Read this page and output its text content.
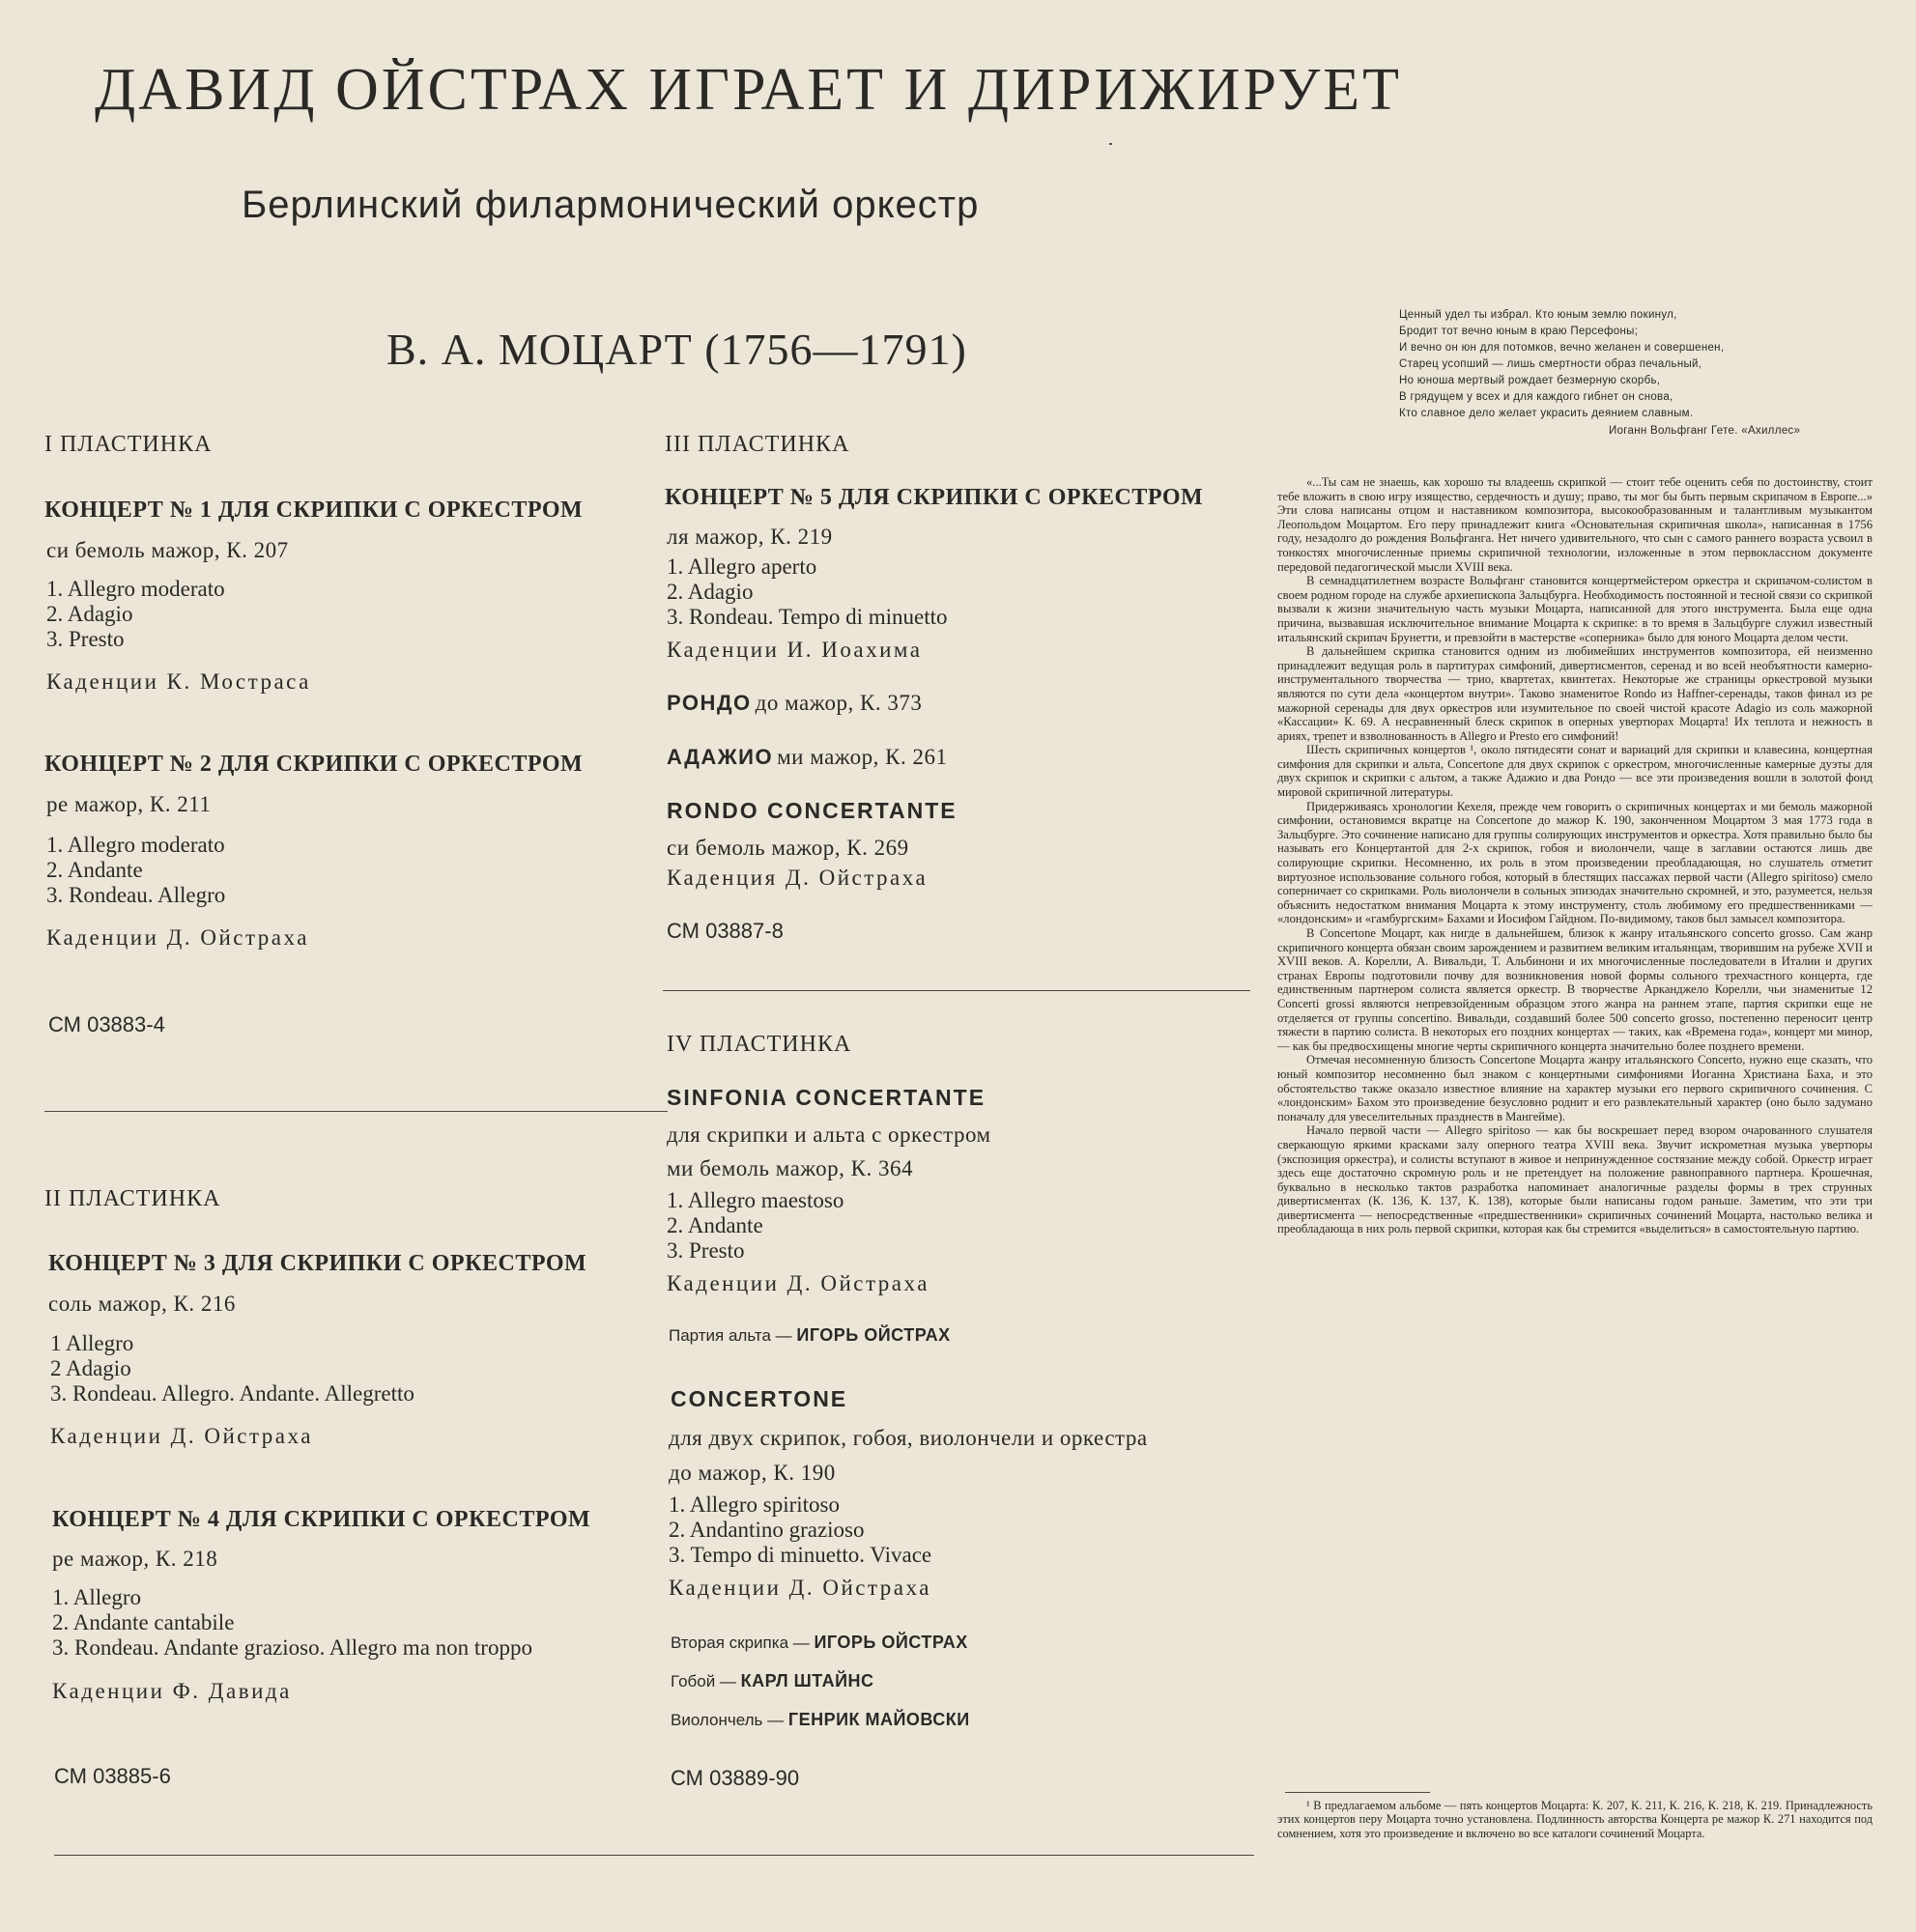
ДАВИД ОЙСТРАХ ИГРАЕТ И ДИРИЖИРУЕТ
Берлинский филармонический оркестр
В. А. МОЦАРТ (1756—1791)
I ПЛАСТИНКА
КОНЦЕРТ № 1 ДЛЯ СКРИПКИ С ОРКЕСТРОМ
си бемоль мажор, К. 207
1. Allegro moderato
2. Adagio
3. Presto
Каденции К. Мостраса
КОНЦЕРТ № 2 ДЛЯ СКРИПКИ С ОРКЕСТРОМ
ре мажор, К. 211
1. Allegro moderato
2. Andante
3. Rondeau. Allegro
Каденции Д. Ойстраха
СМ 03883-4
II ПЛАСТИНКА
КОНЦЕРТ № 3 ДЛЯ СКРИПКИ С ОРКЕСТРОМ
соль мажор, К. 216
1 Allegro
2 Adagio
3. Rondeau. Allegro. Andante. Allegretto
Каденции Д. Ойстраха
КОНЦЕРТ № 4 ДЛЯ СКРИПКИ С ОРКЕСТРОМ
ре мажор, К. 218
1. Allegro
2. Andante cantabile
3. Rondeau. Andante grazioso. Allegro ma non troppo
Каденции Ф. Давида
СМ 03885-6
III ПЛАСТИНКА
КОНЦЕРТ № 5 ДЛЯ СКРИПКИ С ОРКЕСТРОМ
ля мажор, К. 219
1. Allegro aperto
2. Adagio
3. Rondeau. Tempo di minuetto
Каденции И. Иоахима
РОНДО до мажор, К. 373
АДАЖИО ми мажор, К. 261
RONDO CONCERTANTE
си бемоль мажор, К. 269
Каденция Д. Ойстраха
СМ 03887-8
IV ПЛАСТИНКА
SINFONIA CONCERTANTE
для скрипки и альта с оркестром
ми бемоль мажор, К. 364
1. Allegro maestoso
2. Andante
3. Presto
Каденции Д. Ойстраха
Партия альта — ИГОРЬ ОЙСТРАХ
CONCERTONE
для двух скрипок, гобоя, виолончели и оркестра
до мажор, К. 190
1. Allegro spiritoso
2. Andantino grazioso
3. Tempo di minuetto. Vivace
Каденции Д. Ойстраха
Вторая скрипка — ИГОРЬ ОЙСТРАХ
Гобой — КАРЛ ШТАЙНС
Виолончель — ГЕНРИК МАЙОВСКИ
СМ 03889-90

Ценный удел ты избрал. Кто юным землю покинул,

Бродит тот вечно юным в краю Персефоны;

И вечно он юн для потомков, вечно желанен и совершенен,

Старец усопший — лишь смертности образ печальный,

Но юноша мертвый рождает безмерную скорбь,

В грядущем у всех и для каждого гибнет он снова,

Кто славное дело желает украсить деянием славным.

Иоганн Вольфганг Гете. «Ахиллес»

«...Ты сам не знаешь, как хорошо ты владеешь скрипкой — стоит тебе оценить себя по достоинству, стоит тебе вложить в свою игру изящество, сердечность и душу; право, ты мог бы быть первым скрипачом в Европе...» Эти слова написаны отцом и наставником композитора, высокообразованным и талантливым музыкантом Леопольдом Моцартом. Его перу принадлежит книга «Основательная скрипичная школа», написанная в 1756 году, незадолго до рождения Вольфганга. Нет ничего удивительного, что сын с самого раннего возраста усвоил в тонкостях многочисленные приемы скрипичной технологии, изложенные в этом первоклассном документе передовой педагогической мысли XVIII века.

В семнадцатилетнем возрасте Вольфганг становится концертмейстером оркестра и скрипачом-солистом в своем родном городе на службе архиепископа Зальцбурга. Необходимость постоянной и тесной связи со скрипкой вызвали к жизни значительную часть музыки Моцарта, написанной для этого инструмента. Была еще одна причина, вызвавшая исключительное внимание Моцарта к скрипке: в то время в Зальцбурге служил известный итальянский скрипач Брунетти, и превзойти в мастерстве «соперника» было для юного Моцарта делом чести.

В дальнейшем скрипка становится одним из любимейших инструментов композитора, ей неизменно принадлежит ведущая роль в партитурах симфоний, дивертисментов, серенад и во всей необъятности камерно-инструментального творчества — трио, квартетах, квинтетах. Некоторые же страницы оркестровой музыки являются по сути дела «концертом внутри». Таково знаменитое Rondo из Haffner-серенады, таков финал из ре мажорной серенады для двух оркестров или изумительное по своей чистой красоте Adagio из соль мажорной «Кассации» К. 69. А несравненный блеск скрипок в оперных увертюрах Моцарта! Их теплота и нежность в ариях, трепет и взволнованность в Allegro и Presto его симфоний!

Шесть скрипичных концертов ¹, около пятидесяти сонат и вариаций для скрипки и клавесина, концертная симфония для скрипки и альта, Concertone для двух скрипок с оркестром, многочисленные камерные дуэты для двух скрипок и скрипки с альтом, а также Адажио и два Рондо — все эти произведения вошли в золотой фонд мировой скрипичной литературы.

Придерживаясь хронологии Кехеля, прежде чем говорить о скрипичных концертах и ми бемоль мажорной симфонии, остановимся вкратце на Concertone до мажор К. 190, законченном Моцартом 3 мая 1773 года в Зальцбурге. Это сочинение написано для группы солирующих инструментов и оркестра. Хотя правильно было бы называть его Концертантой для 2-х скрипок, гобоя и виолончели, чаще в заглавии остаются лишь две солирующие скрипки. Несомненно, их роль в этом произведении преобладающая, но слушатель отметит виртуозное использование сольного гобоя, который в блестящих пассажах первой части (Allegro spiritoso) смело соперничает со скрипками. Роль виолончели в сольных эпизодах значительно скромней, и это, разумеется, нельзя объяснить недостатком внимания Моцарта к этому инструменту, столь любимому его предшественниками — «лондонским» и «гамбургским» Бахами и Иосифом Гайдном. По-видимому, таков был замысел композитора.

В Concertone Моцарт, как нигде в дальнейшем, близок к жанру итальянского concerto grosso. Сам жанр скрипичного концерта обязан своим зарождением и развитием великим итальянцам, творившим на рубеже XVII и XVIII веков. А. Корелли, А. Вивальди, Т. Альбинони и их многочисленные последователи в Италии и других странах Европы подготовили почву для возникновения новой формы сольного трехчастного концерта, где единственным партнером солиста является оркестр. В творчестве Арканджело Корелли, чьи знаменитые 12 Concerti grossi являются непревзойденным образцом этого жанра на раннем этапе, партия скрипки еще не отделяется от группы concertino. Вивальди, создавший более 500 concerto grosso, постепенно переносит центр тяжести в партию солиста. В некоторых его поздних концертах — таких, как «Времена года», концерт ми минор,— как бы предвосхищены многие черты скрипичного концерта значительно более позднего времени.

Отмечая несомненную близость Concertone Моцарта жанру итальянского Concerto, нужно еще сказать, что юный композитор несомненно был знаком с концертными симфониями Иоганна Христиана Баха, и это обстоятельство также оказало известное влияние на характер музыки его первого скрипичного сочинения. С «лондонским» Бахом это произведение безусловно роднит и его развлекательный характер (оно было задумано поначалу для увеселительных празднеств в Мангейме).

Начало первой части — Allegro spiritoso — как бы воскрешает перед взором очарованного слушателя сверкающую яркими красками залу оперного театра XVIII века. Звучит искрометная музыка увертюры (экспозиция оркестра), и солисты вступают в живое и непринужденное состязание между собой. Оркестр играет здесь еще достаточно скромную роль и не претендует на положение равноправного партнера. Крошечная, буквально в несколько тактов разработка напоминает аналогичные разделы формы в трех струнных дивертисментах (К. 136, К. 137, К. 138), которые были написаны годом раньше. Заметим, что эти три дивертисмента — непосредственные «предшественники» скрипичных сочинений Моцарта, настолько велика и преобладающа в них роль первой скрипки, которая как бы стремится «выделиться» в самостоятельную партию.

¹ В предлагаемом альбоме — пять концертов Моцарта: К. 207, К. 211, К. 216, К. 218, К. 219. Принадлежность этих концертов перу Моцарта точно установлена. Подлинность авторства Концерта ре мажор К. 271 находится под сомнением, хотя это произведение и включено во все каталоги сочинений Моцарта.
